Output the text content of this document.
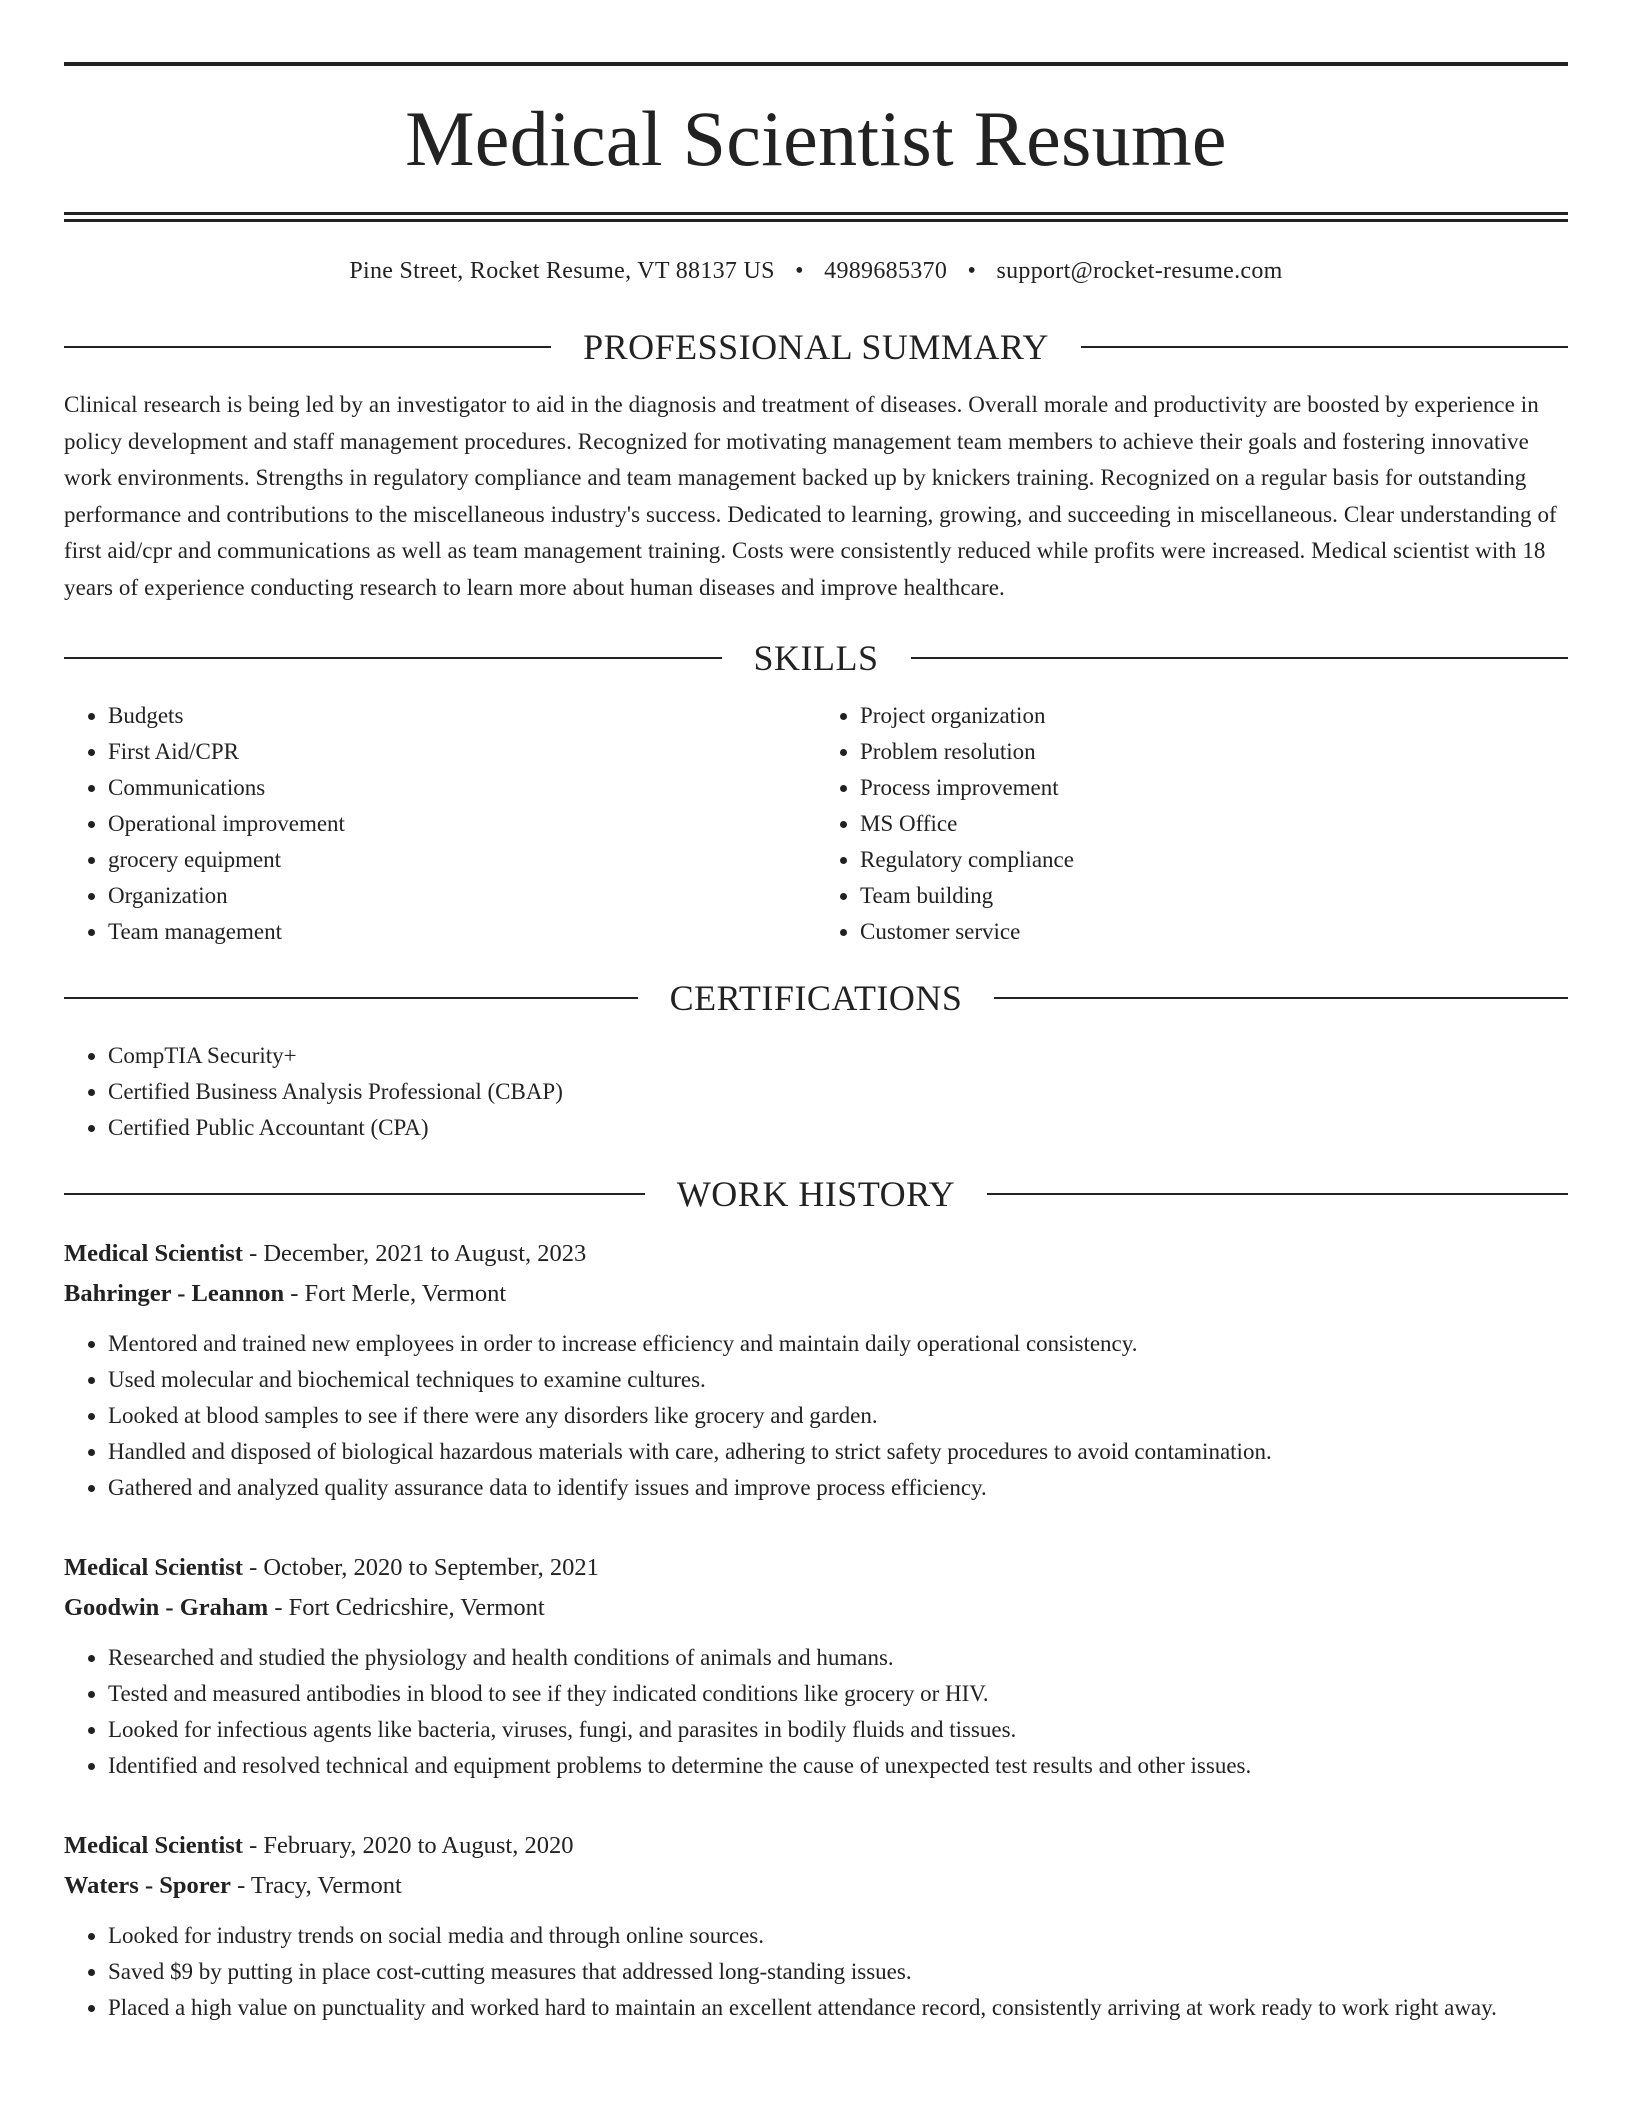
Medical Scientist Resume
Pine Street, Rocket Resume, VT 88137 US • 4989685370 • support@rocket-resume.com
PROFESSIONAL SUMMARY

Clinical research is being led by an investigator to aid in the diagnosis and treatment of diseases. Overall morale and productivity are boosted by experience in policy development and staff management procedures. Recognized for motivating management team members to achieve their goals and fostering innovative work environments. Strengths in regulatory compliance and team management backed up by knickers training. Recognized on a regular basis for outstanding performance and contributions to the miscellaneous industry's success. Dedicated to learning, growing, and succeeding in miscellaneous. Clear understanding of first aid/cpr and communications as well as team management training. Costs were consistently reduced while profits were increased. Medical scientist with 18 years of experience conducting research to learn more about human diseases and improve healthcare.

SKILLS
• Budgets
• First Aid/CPR
• Communications
• Operational improvement
• grocery equipment
• Organization
• Team management
• Project organization
• Problem resolution
• Process improvement
• MS Office
• Regulatory compliance
• Team building
• Customer service
CERTIFICATIONS
• CompTIA Security+
• Certified Business Analysis Professional (CBAP)
• Certified Public Accountant (CPA)
WORK HISTORY
Medical Scientist - December, 2021 to August, 2023
Bahringer - Leannon - Fort Merle, Vermont
• Mentored and trained new employees in order to increase efficiency and maintain daily operational consistency.
• Used molecular and biochemical techniques to examine cultures.
• Looked at blood samples to see if there were any disorders like grocery and garden.
• Handled and disposed of biological hazardous materials with care, adhering to strict safety procedures to avoid contamination.
• Gathered and analyzed quality assurance data to identify issues and improve process efficiency.
Medical Scientist - October, 2020 to September, 2021
Goodwin - Graham - Fort Cedricshire, Vermont
• Researched and studied the physiology and health conditions of animals and humans.
• Tested and measured antibodies in blood to see if they indicated conditions like grocery or HIV.
• Looked for infectious agents like bacteria, viruses, fungi, and parasites in bodily fluids and tissues.
• Identified and resolved technical and equipment problems to determine the cause of unexpected test results and other issues.
Medical Scientist - February, 2020 to August, 2020
Waters - Sporer - Tracy, Vermont
• Looked for industry trends on social media and through online sources.
• Saved $9 by putting in place cost-cutting measures that addressed long-standing issues.
• Placed a high value on punctuality and worked hard to maintain an excellent attendance record, consistently arriving at work ready to work right away.
